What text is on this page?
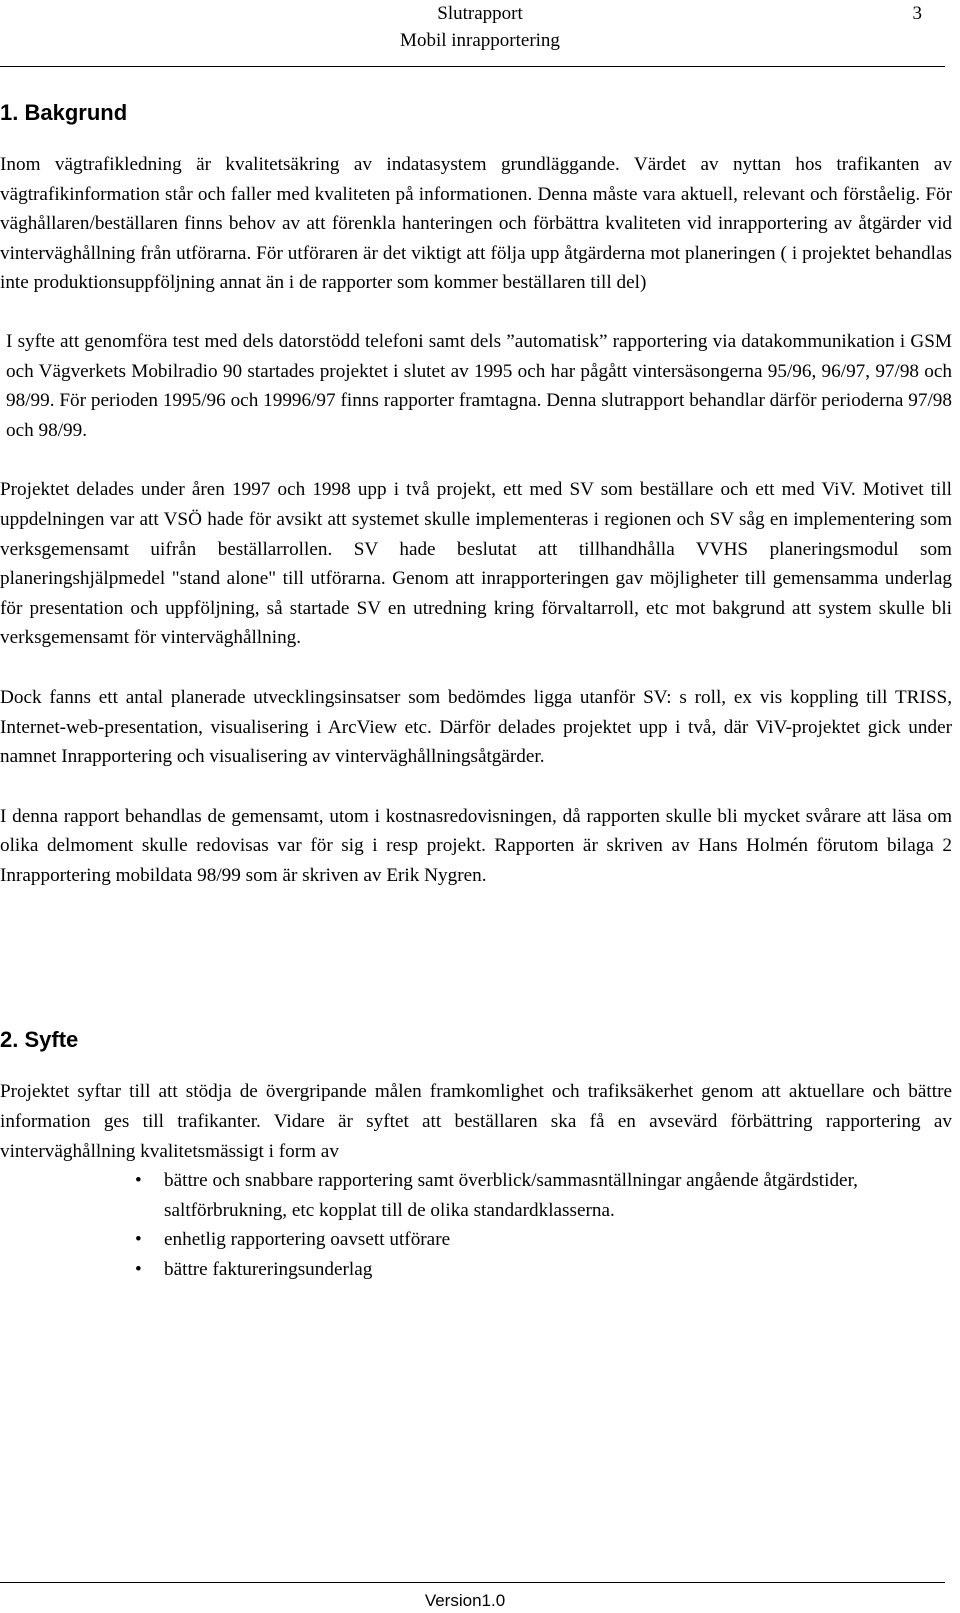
Slutrapport
Mobil inrapportering
3
1. Bakgrund

Inom vägtrafikledning är kvalitetsäkring av indatasystem grundläggande. Värdet av nyttan hos trafikanten av vägtrafikinformation står och faller med kvaliteten på informationen. Denna måste vara aktuell, relevant och förståelig. För väghållaren/beställaren finns behov av att förenkla hanteringen och förbättra kvaliteten vid inrapportering av åtgärder vid vinterväghållning från utförarna. För utföraren är det viktigt att följa upp åtgärderna mot planeringen ( i projektet behandlas inte produktionsuppföljning annat än i de rapporter som kommer beställaren till del)

I syfte att genomföra test med dels datorstödd telefoni samt dels ”automatisk” rapportering via datakommunikation i GSM och Vägverkets Mobilradio 90 startades projektet i slutet av 1995 och har pågått vintersäsongerna 95/96, 96/97, 97/98 och 98/99. För perioden 1995/96 och 19996/97 finns rapporter framtagna. Denna slutrapport behandlar därför perioderna 97/98 och 98/99.

Projektet delades under åren 1997 och 1998 upp i två projekt, ett med SV som beställare och ett med ViV. Motivet till uppdelningen var att VSÖ hade för avsikt att systemet skulle implementeras i regionen och SV såg en implementering som verksgemensamt uifrån beställarrollen. SV hade beslutat att tillhandhålla VVHS planeringsmodul som planeringshjälpmedel "stand alone" till utförarna. Genom att inrapporteringen gav möjligheter till gemensamma underlag för presentation och uppföljning, så startade SV en utredning kring förvaltarroll, etc mot bakgrund att system skulle bli verksgemensamt för vinterväghållning.

Dock fanns ett antal planerade utvecklingsinsatser som bedömdes ligga utanför SV: s roll, ex vis koppling till TRISS, Internet-web-presentation, visualisering i ArcView etc. Därför delades projektet upp i två, där ViV-projektet gick under namnet Inrapportering och visualisering av vinterväghållningsåtgärder.

I denna rapport behandlas de gemensamt, utom i kostnasredovisningen, då rapporten skulle bli mycket svårare att läsa om olika delmoment skulle redovisas var för sig i resp projekt. Rapporten är skriven av Hans Holmén förutom bilaga 2 Inrapportering mobildata 98/99 som är skriven av Erik Nygren.

2. Syfte

Projektet syftar till att stödja de övergripande målen framkomlighet och trafiksäkerhet genom att aktuellare och bättre information ges till trafikanter. Vidare är syftet att beställaren ska få en avsevärd förbättring rapportering av vinterväghållning kvalitetsmässigt i form av

• bättre och snabbare rapportering samt överblick/sammasntällningar angående åtgärdstider, saltförbrukning, etc kopplat till de olika standardklasserna.
• enhetlig rapportering oavsett utförare
• bättre faktureringsunderlag
Version1.0
